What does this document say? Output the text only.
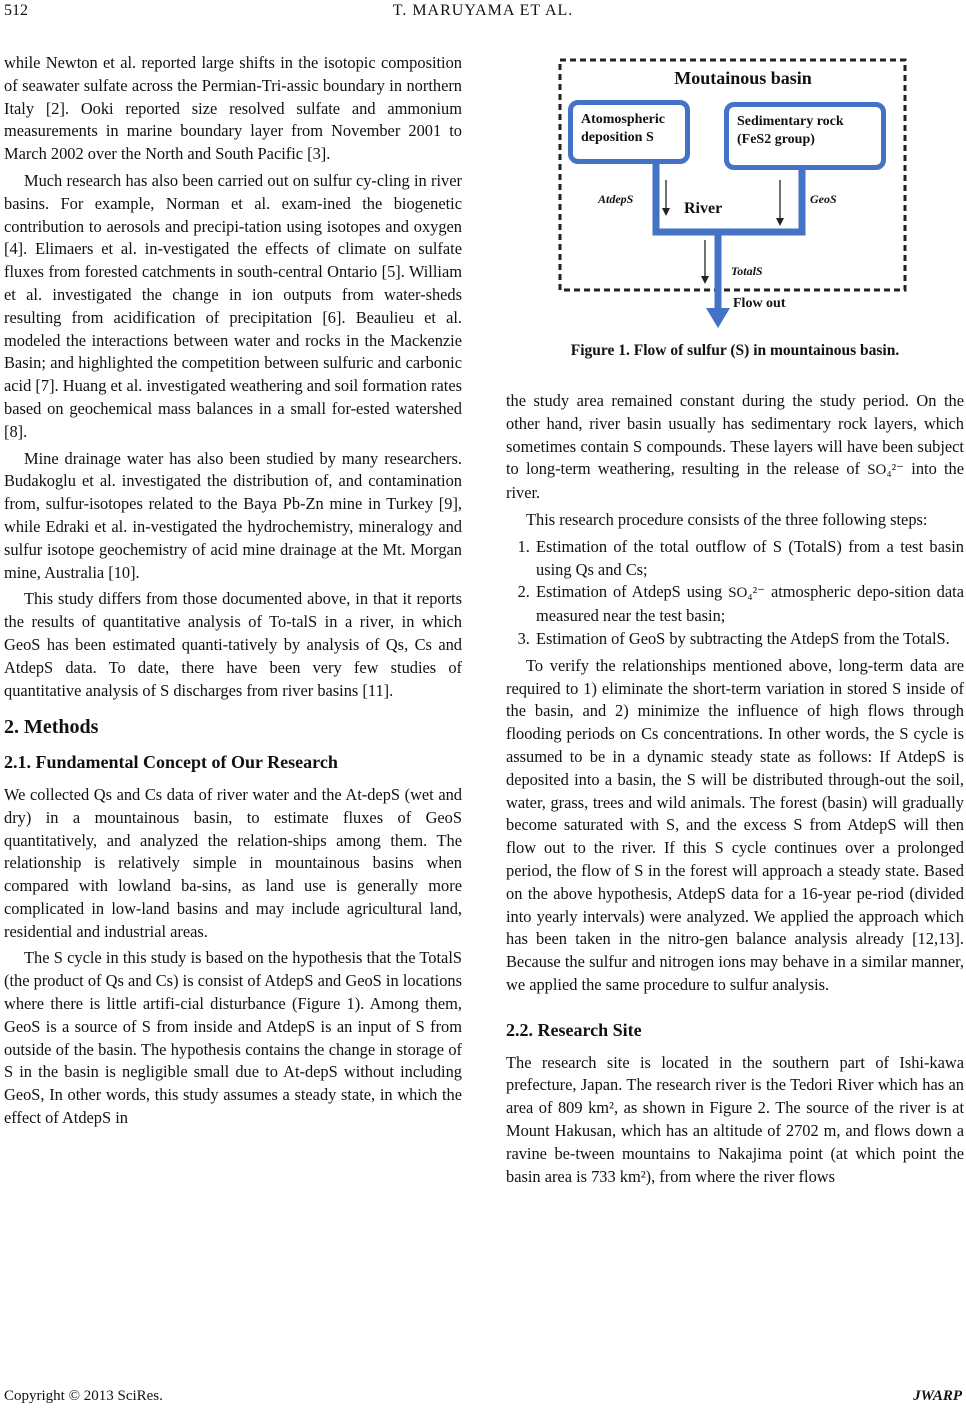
512	T. MARUYAMA ET AL.

while Newton et al. reported large shifts in the isotopic composition of seawater sulfate across the Permian-Tri-assic boundary in northern Italy [2]. Ooki reported size resolved sulfate and ammonium measurements in marine boundary layer from November 2001 to March 2002 over the North and South Pacific [3].

Much research has also been carried out on sulfur cy-cling in river basins. For example, Norman et al. exam-ined the biogenetic contribution to aerosols and precipi-tation using isotopes and oxygen [4]. Elimaers et al. in-vestigated the effects of climate on sulfate fluxes from forested catchments in south-central Ontario [5]. William et al. investigated the change in ion outputs from water-sheds resulting from acidification of precipitation [6]. Beaulieu et al. modeled the interactions between water and rocks in the Mackenzie Basin; and highlighted the competition between sulfuric and carbonic acid [7]. Huang et al. investigated weathering and soil formation rates based on geochemical mass balances in a small for-ested watershed [8].

Mine drainage water has also been studied by many researchers. Budakoglu et al. investigated the distribution of, and contamination from, sulfur-isotopes related to the Baya Pb-Zn mine in Turkey [9], while Edraki et al. in-vestigated the hydrochemistry, mineralogy and sulfur isotope geochemistry of acid mine drainage at the Mt. Morgan mine, Australia [10].

This study differs from those documented above, in that it reports the results of quantitative analysis of To-talS in a river, in which GeoS has been estimated quanti-tatively by analysis of Qs, Cs and AtdepS data. To date, there have been very few studies of quantitative analysis of S discharges from river basins [11].

2. Methods
2.1. Fundamental Concept of Our Research

We collected Qs and Cs data of river water and the At-depS (wet and dry) in a mountainous basin, to estimate fluxes of GeoS quantitatively, and analyzed the relation-ships among them. The relationship is relatively simple in mountainous basins when compared with lowland ba-sins, as land use is generally more complicated in low-land basins and may include agricultural land, residential and industrial areas.

The S cycle in this study is based on the hypothesis that the TotalS (the product of Qs and Cs) is consist of AtdepS and GeoS in locations where there is little artifi-cial disturbance (Figure 1). Among them, GeoS is a source of S from inside and AtdepS is an input of S from outside of the basin. The hypothesis contains the change in storage of S in the basin is negligible small due to At-depS without including GeoS, In other words, this study assumes a steady state, in which the effect of AtdepS in

Moutainous basin
Atomospheric deposition S
Sedimentary rock (FeS2 group)
AtdepS	GeoS
River
TotalS
Flow out
Figure 1. Flow of sulfur (S) in mountainous basin.

the study area remained constant during the study period. On the other hand, river basin usually has sedimentary rock layers, which sometimes contain S compounds. These layers will have been subject to long-term weathering, resulting in the release of SO₄²⁻ into the river.

This research procedure consists of the three following steps:

1. Estimation of the total outflow of S (TotalS) from a test basin using Qs and Cs;
2. Estimation of AtdepS using SO₄²⁻ atmospheric depo-sition data measured near the test basin;
3. Estimation of GeoS by subtracting the AtdepS from the TotalS.

To verify the relationships mentioned above, long-term data are required to 1) eliminate the short-term variation in stored S inside of the basin, and 2) minimize the influence of high flows through flooding periods on Cs concentrations. In other words, the S cycle is assumed to be in a dynamic steady state as follows: If AtdepS is deposited into a basin, the S will be distributed through-out the soil, water, grass, trees and wild animals. The forest (basin) will gradually become saturated with S, and the excess S from AtdepS will then flow out to the river. If this S cycle continues over a prolonged period, the flow of S in the forest will approach a steady state. Based on the above hypothesis, AtdepS data for a 16-year pe-riod (divided into yearly intervals) were analyzed. We applied the approach which has been taken in the nitro-gen balance analysis already [12,13]. Because the sulfur and nitrogen ions may behave in a similar manner, we applied the same procedure to sulfur analysis.

2.2. Research Site

The research site is located in the southern part of Ishi-kawa prefecture, Japan. The research river is the Tedori River which has an area of 809 km², as shown in Figure 2. The source of the river is at Mount Hakusan, which has an altitude of 2702 m, and flows down a ravine be-tween mountains to Nakajima point (at which point the basin area is 733 km²), from where the river flows

Copyright © 2013 SciRes.	JWARP
